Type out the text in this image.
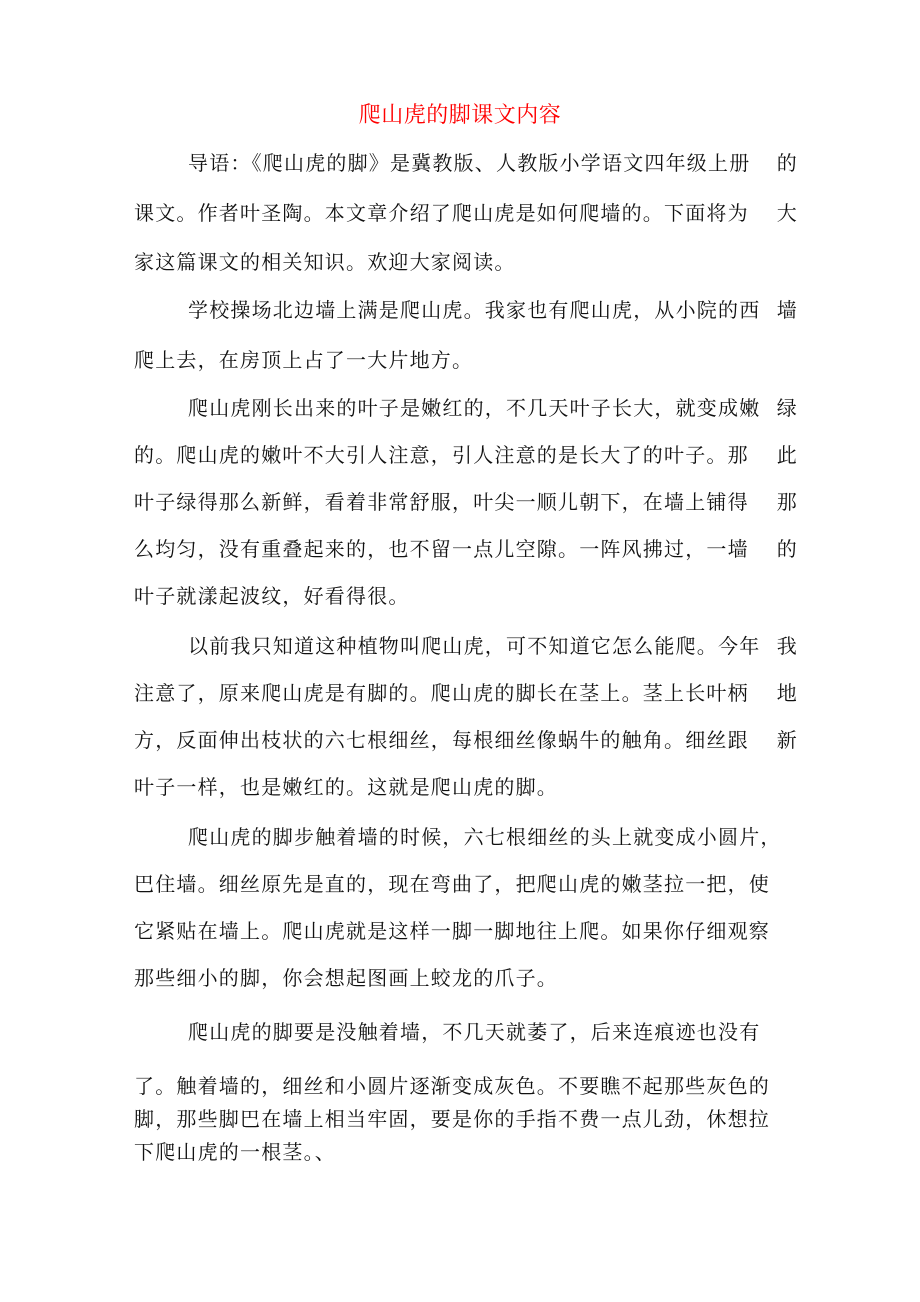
爬山虎的脚课文内容
导语：《爬山虎的脚》是冀教版、人教版小学语文四年级上册 的
课文。作者叶圣陶。本文章介绍了爬山虎是如何爬墙的。下面将为 大
家这篇课文的相关知识。欢迎大家阅读。
学校操场北边墙上满是爬山虎。我家也有爬山虎，从小院的西 墙
爬上去，在房顶上占了一大片地方。
爬山虎刚长出来的叶子是嫩红的，不几天叶子长大，就变成嫩 绿
的。爬山虎的嫩叶不大引人注意，引人注意的是长大了的叶子。那 此
叶子绿得那么新鲜，看着非常舒服，叶尖一顺儿朝下，在墙上铺得 那
么均匀，没有重叠起来的，也不留一点儿空隙。一阵风拂过，一墙 的
叶子就漾起波纹，好看得很。
以前我只知道这种植物叫爬山虎，可不知道它怎么能爬。今年 我
注意了，原来爬山虎是有脚的。爬山虎的脚长在茎上。茎上长叶柄 地
方，反面伸出枝状的六七根细丝，每根细丝像蜗牛的触角。细丝跟 新
叶子一样，也是嫩红的。这就是爬山虎的脚。
爬山虎的脚步触着墙的时候，六七根细丝的头上就变成小圆片，
巴住墙。细丝原先是直的，现在弯曲了，把爬山虎的嫩茎拉一把，使
它紧贴在墙上。爬山虎就是这样一脚一脚地往上爬。如果你仔细观察
那些细小的脚，你会想起图画上蛟龙的爪子。
爬山虎的脚要是没触着墙，不几天就萎了，后来连痕迹也没有
了。触着墙的，细丝和小圆片逐渐变成灰色。不要瞧不起那些灰色的
脚，那些脚巴在墙上相当牢固，要是你的手指不费一点儿劲，休想拉
下爬山虎的一根茎。、
